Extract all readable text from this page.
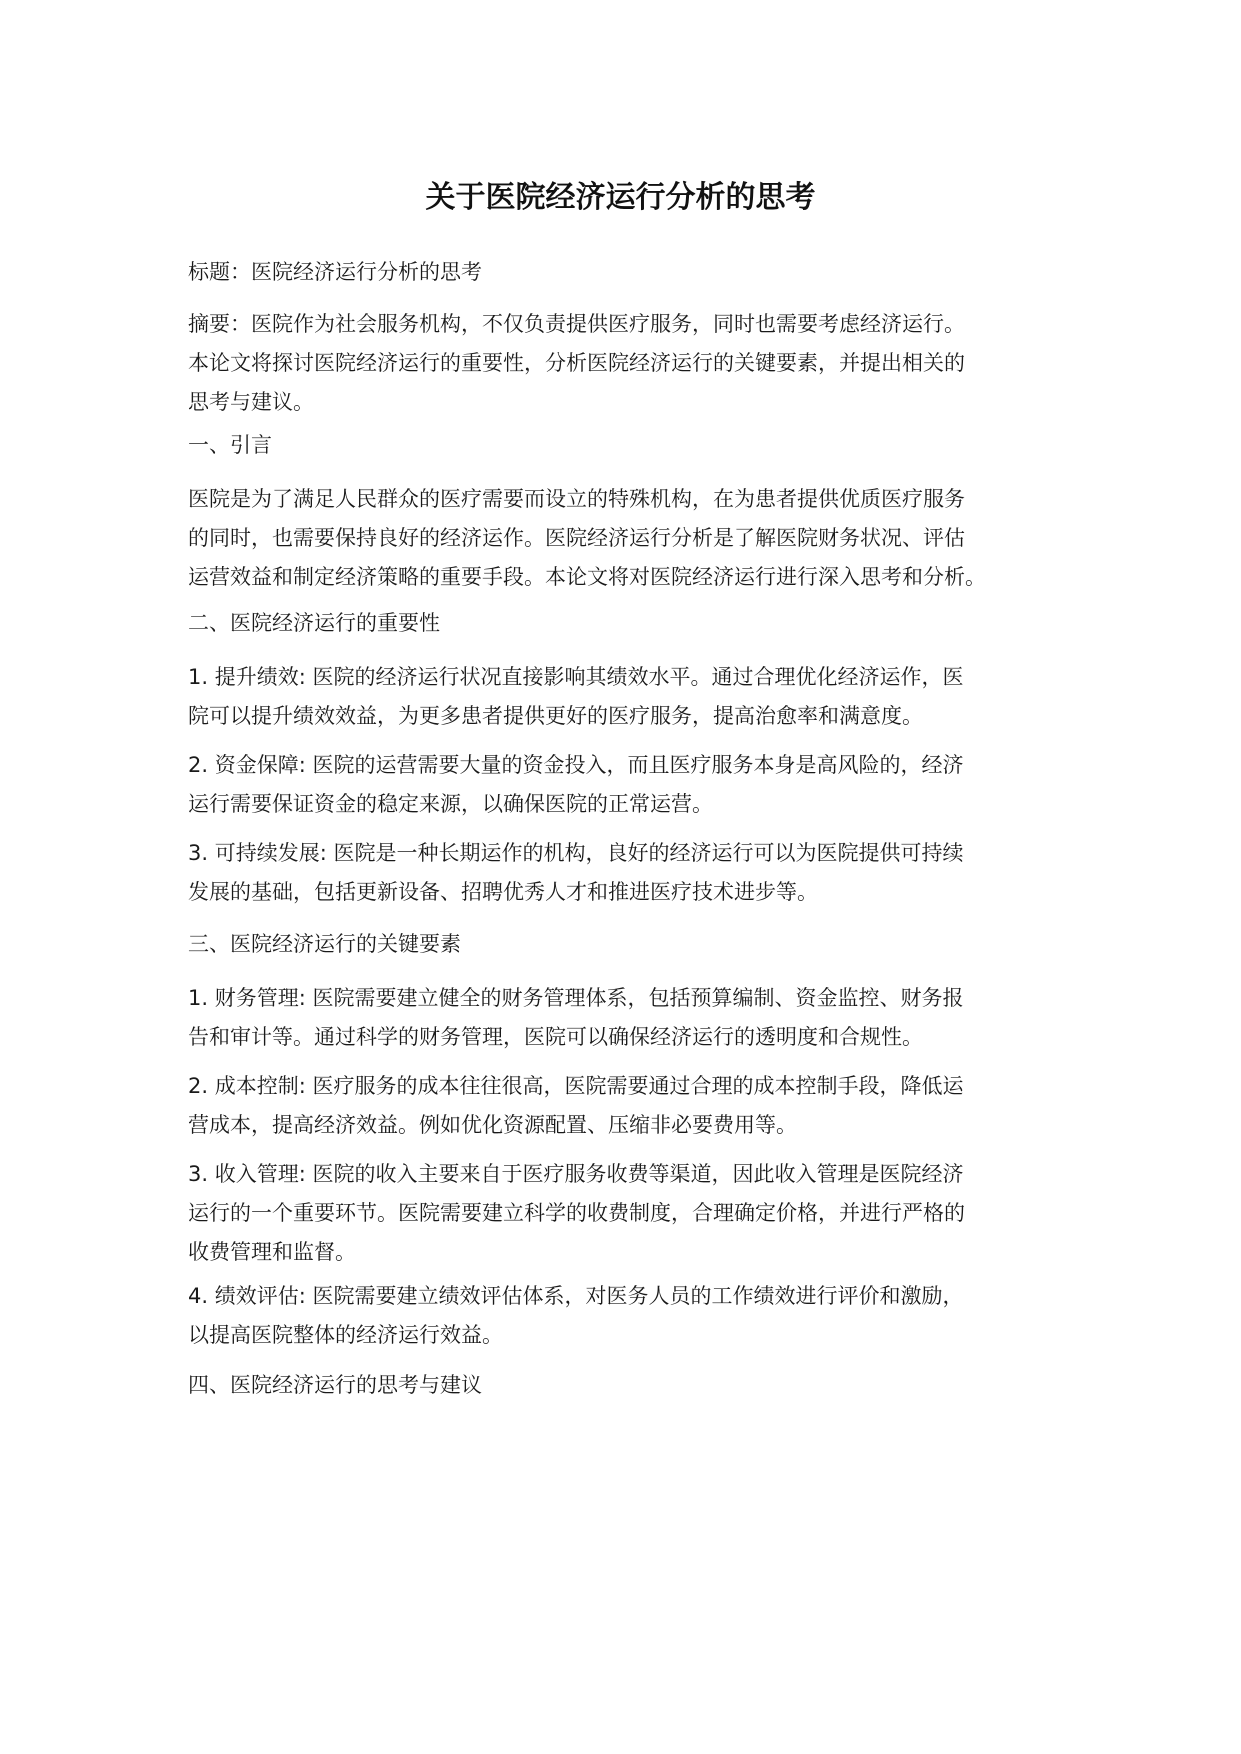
关于医院经济运行分析的思考

标题：医院经济运行分析的思考

摘要：医院作为社会服务机构，不仅负责提供医疗服务，同时也需要考虑经济运行。
本论文将探讨医院经济运行的重要性，分析医院经济运行的关键要素，并提出相关的
思考与建议。

一、引言

医院是为了满足人民群众的医疗需要而设立的特殊机构，在为患者提供优质医疗服务
的同时，也需要保持良好的经济运作。医院经济运行分析是了解医院财务状况、评估
运营效益和制定经济策略的重要手段。本论文将对医院经济运行进行深入思考和分析。

二、医院经济运行的重要性

1. 提升绩效: 医院的经济运行状况直接影响其绩效水平。通过合理优化经济运作，医
院可以提升绩效效益，为更多患者提供更好的医疗服务，提高治愈率和满意度。

2. 资金保障: 医院的运营需要大量的资金投入，而且医疗服务本身是高风险的，经济
运行需要保证资金的稳定来源，以确保医院的正常运营。

3. 可持续发展: 医院是一种长期运作的机构，良好的经济运行可以为医院提供可持续
发展的基础，包括更新设备、招聘优秀人才和推进医疗技术进步等。

三、医院经济运行的关键要素

1. 财务管理: 医院需要建立健全的财务管理体系，包括预算编制、资金监控、财务报
告和审计等。通过科学的财务管理，医院可以确保经济运行的透明度和合规性。

2. 成本控制: 医疗服务的成本往往很高，医院需要通过合理的成本控制手段，降低运
营成本，提高经济效益。例如优化资源配置、压缩非必要费用等。

3. 收入管理: 医院的收入主要来自于医疗服务收费等渠道，因此收入管理是医院经济
运行的一个重要环节。医院需要建立科学的收费制度，合理确定价格，并进行严格的
收费管理和监督。

4. 绩效评估: 医院需要建立绩效评估体系，对医务人员的工作绩效进行评价和激励，
以提高医院整体的经济运行效益。

四、医院经济运行的思考与建议
